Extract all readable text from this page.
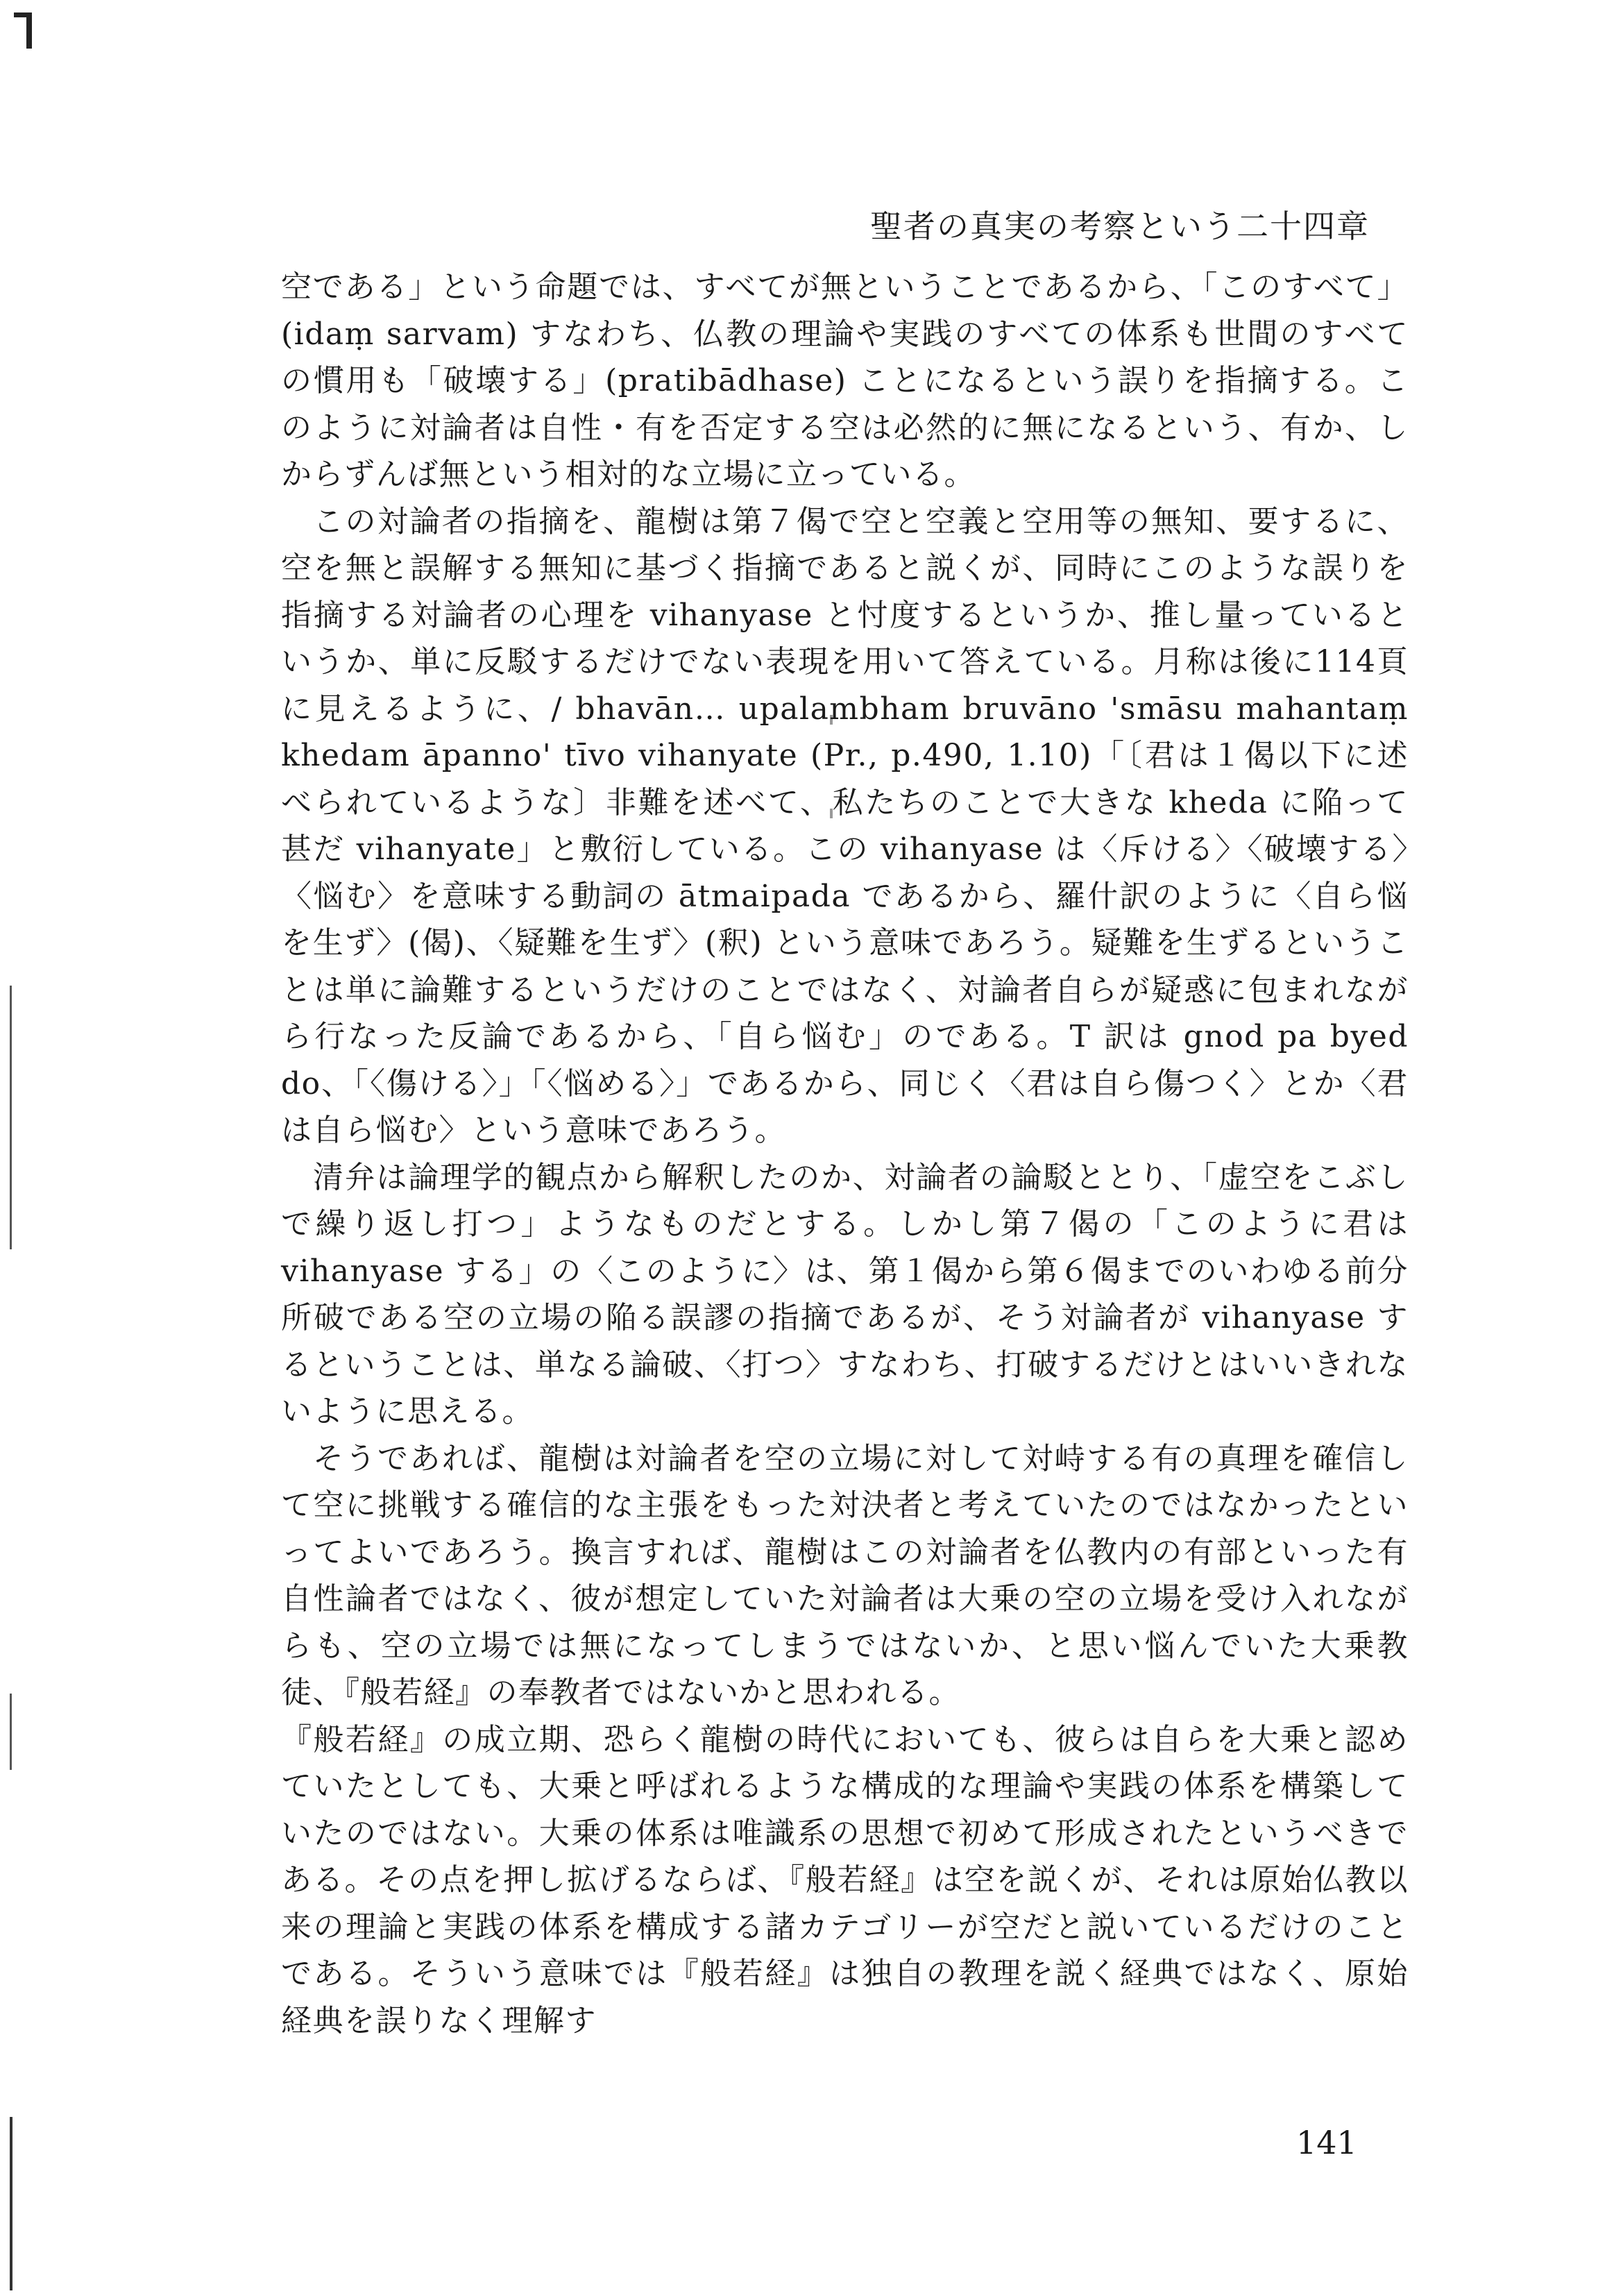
聖者の真実の考察という二十四章

空である」という命題では、すべてが無ということであるから、「このすべて」(idaṃ sarvam) すなわち、仏教の理論や実践のすべての体系も世間のすべての慣用も「破壊する」(pratibādhase) ことになるという誤りを指摘する。このように対論者は自性・有を否定する空は必然的に無になるという、有か、しからずんば無という相対的な立場に立っている。

この対論者の指摘を、龍樹は第７偈で空と空義と空用等の無知、要するに、空を無と誤解する無知に基づく指摘であると説くが、同時にこのような誤りを指摘する対論者の心理を vihanyase と忖度するというか、推し量っているというか、単に反駁するだけでない表現を用いて答えている。月称は後に114頁に見えるように、/ bhavān… upalambham bruvāno 'smāsu mahantaṃ khedam āpanno' tīvo vihanyate (Pr., p.490, 1.10)「〔君は１偈以下に述べられているような〕非難を述べて、私たちのことで大きな kheda に陥って甚だ vihanyate」と敷衍している。この vihanyase は〈斥ける〉〈破壊する〉〈悩む〉を意味する動詞の ātmaipada であるから、羅什訳のように〈自ら悩を生ず〉(偈)、〈疑難を生ず〉(釈) という意味であろう。疑難を生ずるということは単に論難するというだけのことではなく、対論者自らが疑惑に包まれながら行なった反論であるから、「自ら悩む」のである。T 訳は gnod pa byed do、「〈傷ける〉」「〈悩める〉」であるから、同じく〈君は自ら傷つく〉とか〈君は自ら悩む〉という意味であろう。

清弁は論理学的観点から解釈したのか、対論者の論駁ととり、「虚空をこぶしで繰り返し打つ」ようなものだとする。しかし第７偈の「このように君は vihanyase する」の〈このように〉は、第１偈から第６偈までのいわゆる前分所破である空の立場の陥る誤謬の指摘であるが、そう対論者が vihanyase するということは、単なる論破、〈打つ〉すなわち、打破するだけとはいいきれないように思える。

そうであれば、龍樹は対論者を空の立場に対して対峙する有の真理を確信して空に挑戦する確信的な主張をもった対決者と考えていたのではなかったといってよいであろう。換言すれば、龍樹はこの対論者を仏教内の有部といった有自性論者ではなく、彼が想定していた対論者は大乗の空の立場を受け入れながらも、空の立場では無になってしまうではないか、と思い悩んでいた大乗教徒、『般若経』の奉教者ではないかと思われる。

『般若経』の成立期、恐らく龍樹の時代においても、彼らは自らを大乗と認めていたとしても、大乗と呼ばれるような構成的な理論や実践の体系を構築していたのではない。大乗の体系は唯識系の思想で初めて形成されたというべきである。その点を押し拡げるならば、『般若経』は空を説くが、それは原始仏教以来の理論と実践の体系を構成する諸カテゴリーが空だと説いているだけのことである。そういう意味では『般若経』は独自の教理を説く経典ではなく、原始経典を誤りなく理解す

141
